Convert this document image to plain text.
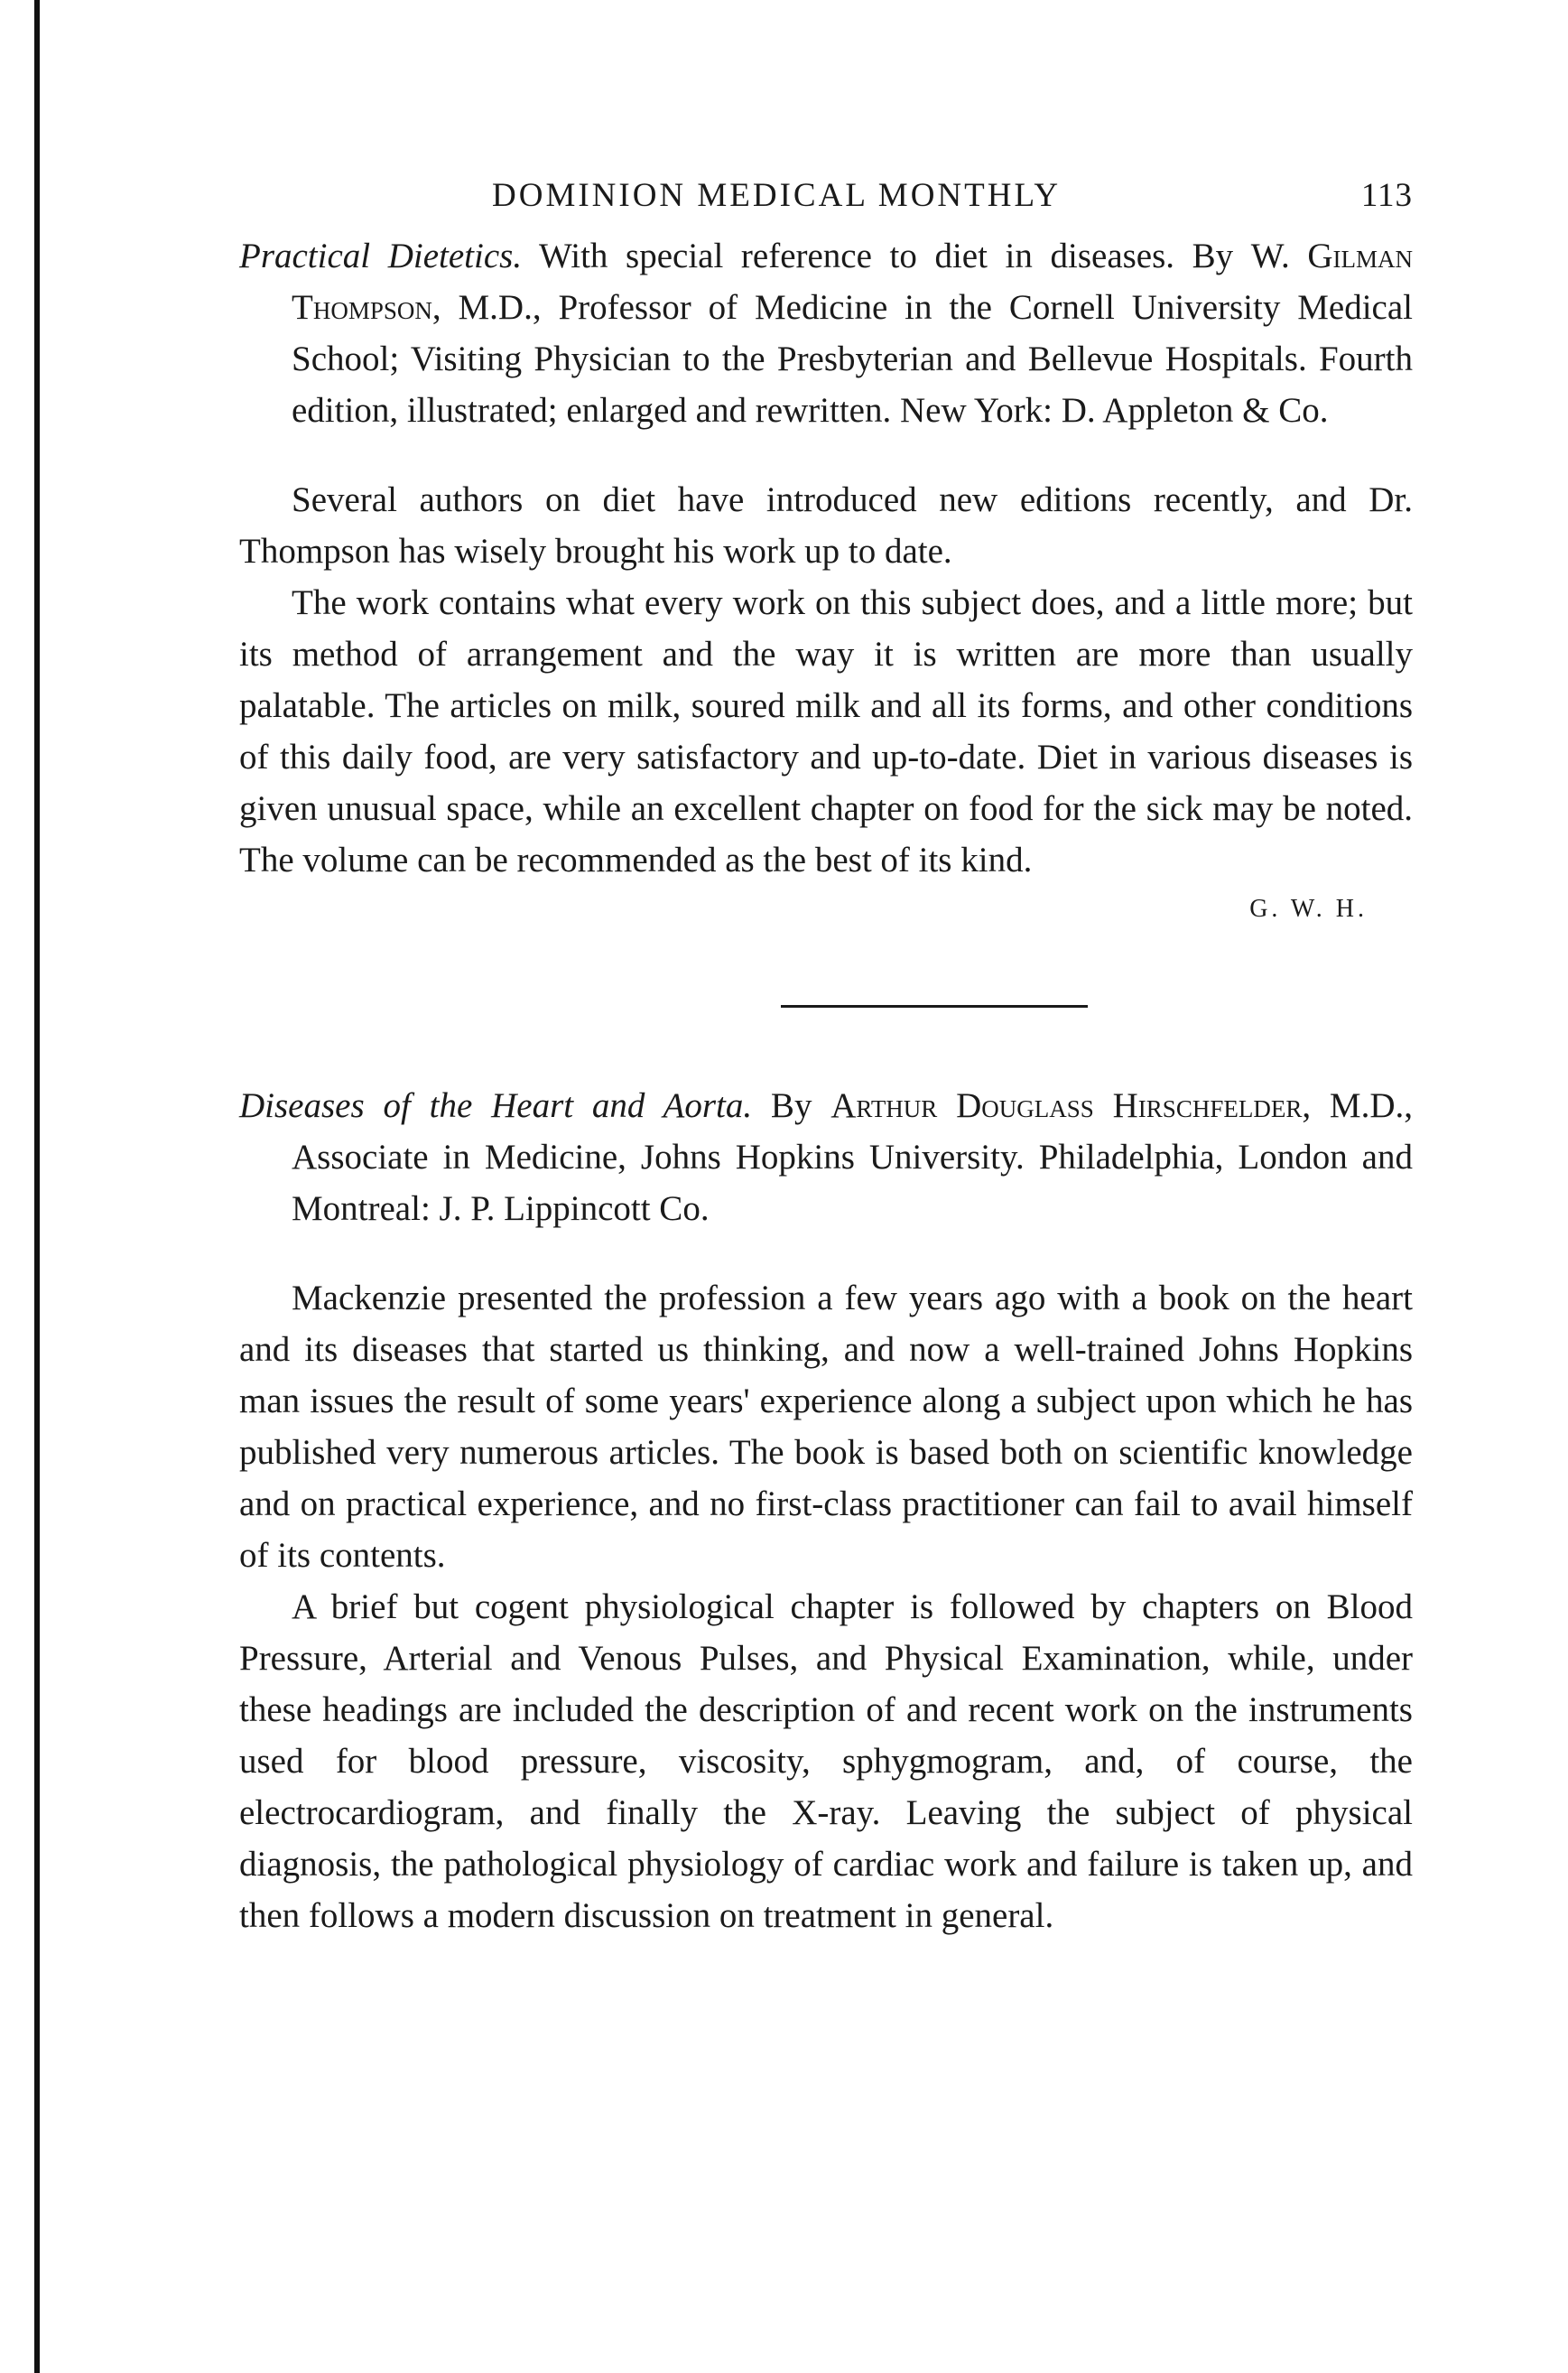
DOMINION MEDICAL MONTHLY	113

Practical Dietetics. With special reference to diet in diseases. By W. Gilman Thompson, M.D., Professor of Medicine in the Cornell University Medical School; Visiting Physician to the Presbyterian and Bellevue Hospitals. Fourth edition, illustrated; enlarged and rewritten. New York: D. Appleton & Co.

Several authors on diet have introduced new editions recently, and Dr. Thompson has wisely brought his work up to date.

The work contains what every work on this subject does, and a little more; but its method of arrangement and the way it is written are more than usually palatable. The articles on milk, soured milk and all its forms, and other conditions of this daily food, are very satisfactory and up-to-date. Diet in various diseases is given unusual space, while an excellent chapter on food for the sick may be noted. The volume can be recommended as the best of its kind.

G. W. H.

Diseases of the Heart and Aorta. By Arthur Douglass Hirschfelder, M.D., Associate in Medicine, Johns Hopkins University. Philadelphia, London and Montreal: J. P. Lippincott Co.

Mackenzie presented the profession a few years ago with a book on the heart and its diseases that started us thinking, and now a well-trained Johns Hopkins man issues the result of some years' experience along a subject upon which he has published very numerous articles. The book is based both on scientific knowledge and on practical experience, and no first-class practitioner can fail to avail himself of its contents.

A brief but cogent physiological chapter is followed by chapters on Blood Pressure, Arterial and Venous Pulses, and Physical Examination, while, under these headings are included the description of and recent work on the instruments used for blood pressure, viscosity, sphygmogram, and, of course, the electrocardiogram, and finally the X-ray. Leaving the subject of physical diagnosis, the pathological physiology of cardiac work and failure is taken up, and then follows a modern discussion on treatment in general.
